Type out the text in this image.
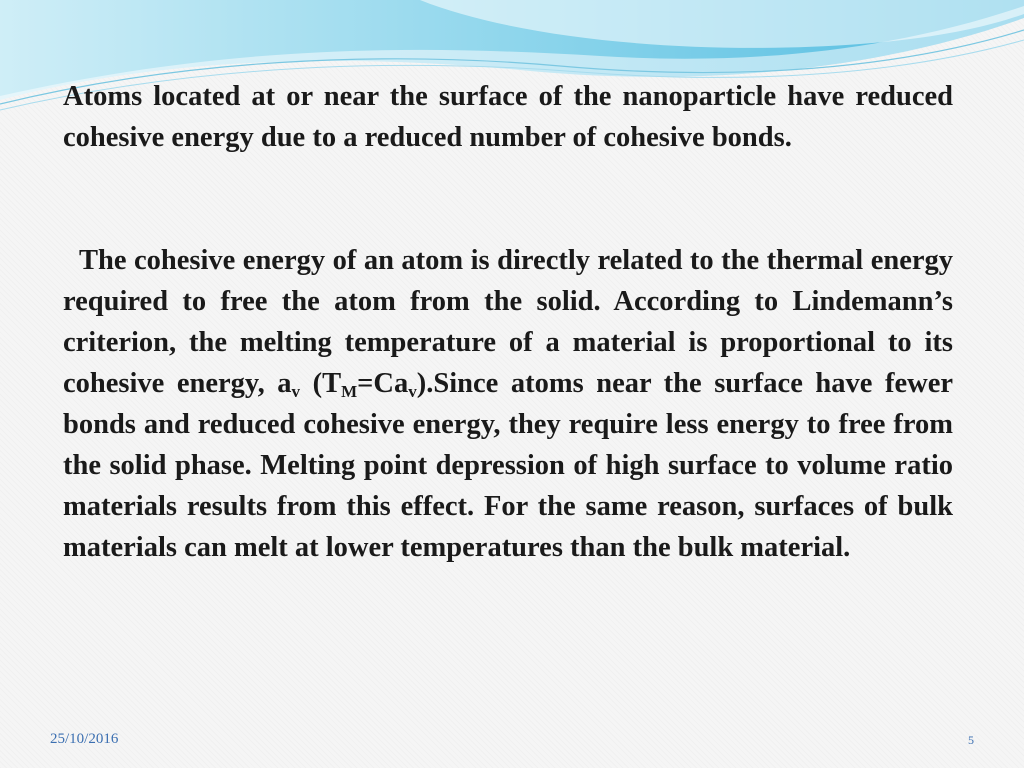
Atoms located at or near the surface of the nanoparticle have reduced cohesive energy due to a reduced number of cohesive bonds.

The cohesive energy of an atom is directly related to the thermal energy required to free the atom from the solid. According to Lindemann’s criterion, the melting temperature of a material is proportional to its cohesive energy, $a_v$ $(T_M=Ca_v).Since$ atoms near the surface have fewer bonds and reduced cohesive energy, they require less energy to free from the solid phase. Melting point depression of high surface to volume ratio materials results from this effect. For the same reason, surfaces of bulk materials can melt at lower temperatures than the bulk material.

25/10/2016	5
